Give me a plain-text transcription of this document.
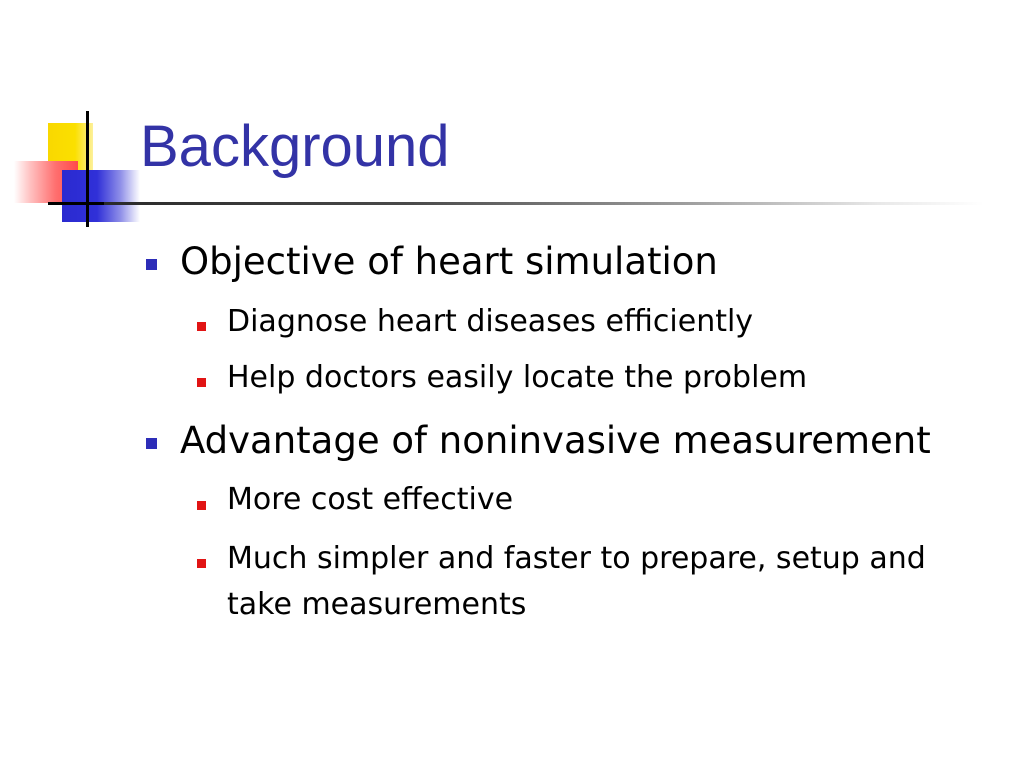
Background

Objective of heart simulation

Diagnose heart diseases efficiently

Help doctors easily locate the problem

Advantage of noninvasive measurement

More cost effective

Much simpler and faster to prepare, setup and take measurements
